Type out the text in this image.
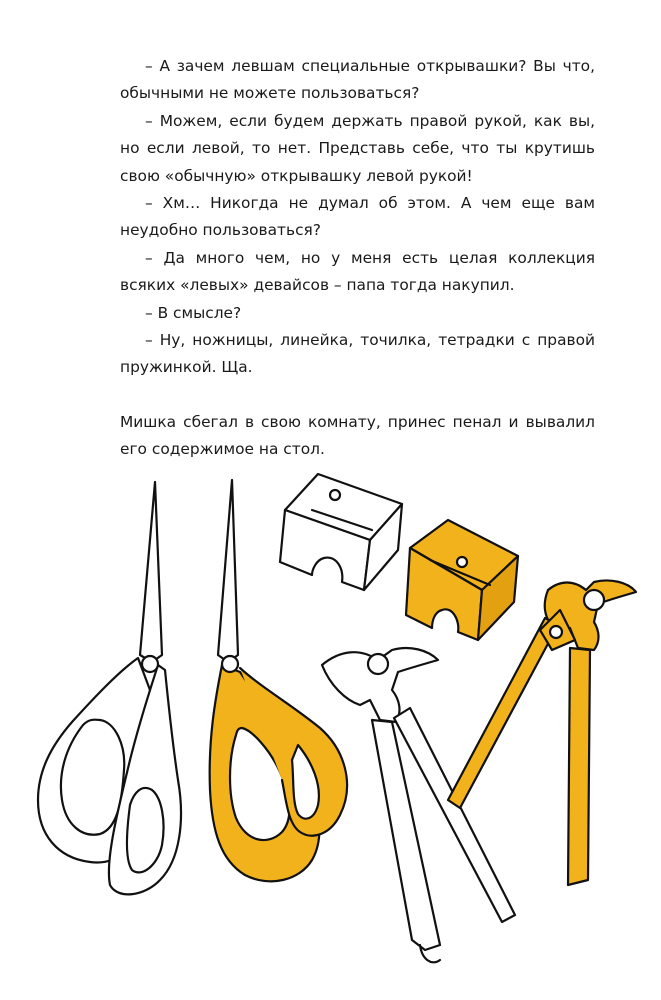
– А зачем левшам специальные открывашки? Вы что, обычными не можете пользоваться?

– Можем, если будем держать правой рукой, как вы, но если левой, то нет. Представь себе, что ты крутишь свою «обычную» открывашку левой рукой!

– Хм… Никогда не думал об этом. А чем еще вам неудобно пользоваться?

– Да много чем, но у меня есть целая коллекция всяких «левых» девайсов – папа тогда накупил.

– В смысле?

– Ну, ножницы, линейка, точилка, тетрадки с правой пружинкой. Ща.

Мишка сбегал в свою комнату, принес пенал и вывалил его содержимое на стол.
